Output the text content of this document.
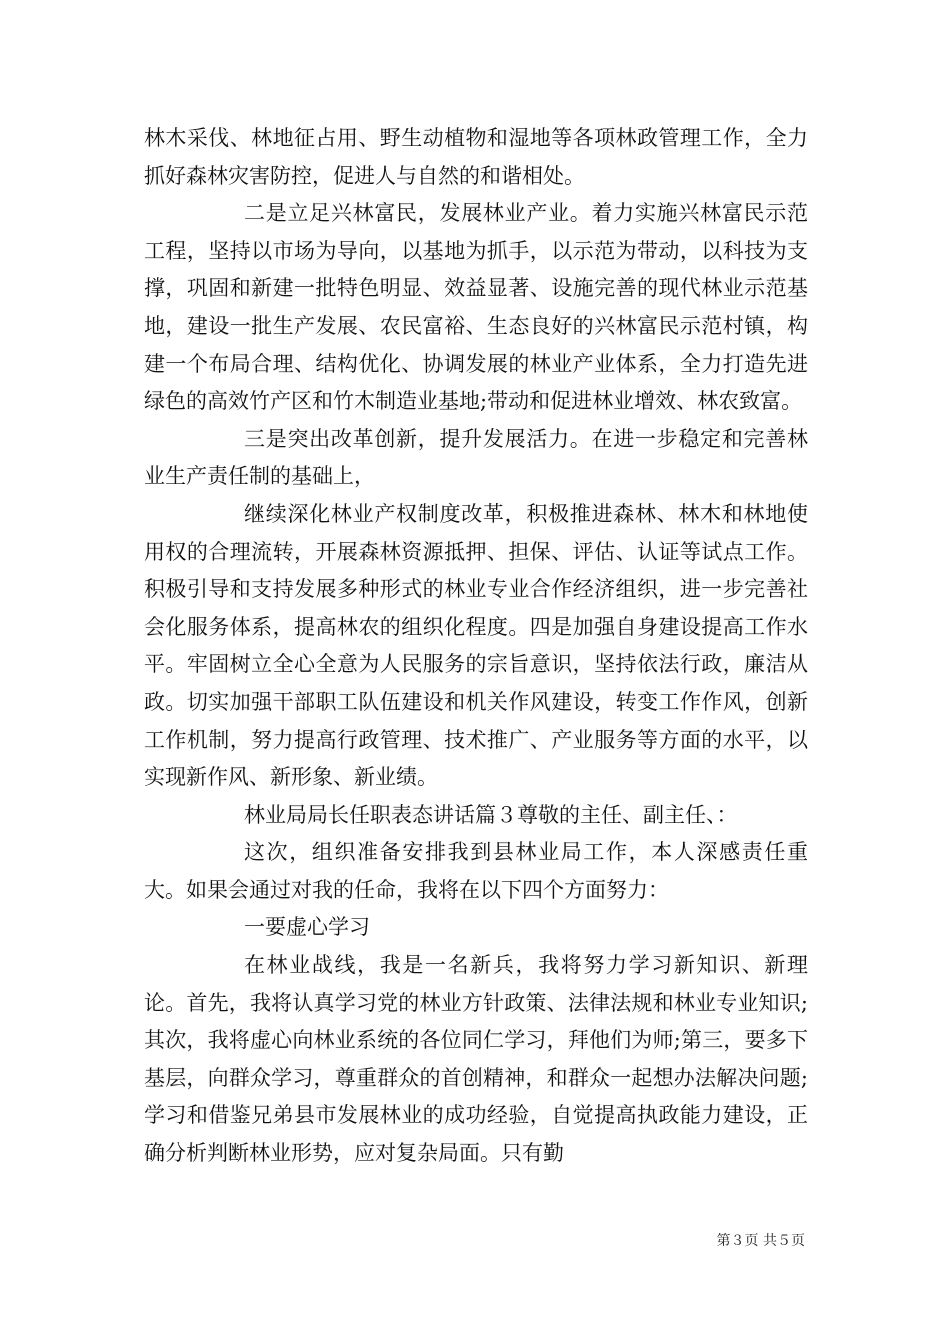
林木采伐、林地征占用、野生动植物和湿地等各项林政管理工作，全力抓好森林灾害防控，促进人与自然的和谐相处。

二是立足兴林富民，发展林业产业。着力实施兴林富民示范工程，坚持以市场为导向，以基地为抓手，以示范为带动，以科技为支撑，巩固和新建一批特色明显、效益显著、设施完善的现代林业示范基地，建设一批生产发展、农民富裕、生态良好的兴林富民示范村镇，构建一个布局合理、结构优化、协调发展的林业产业体系，全力打造先进绿色的高效竹产区和竹木制造业基地;带动和促进林业增效、林农致富。

三是突出改革创新，提升发展活力。在进一步稳定和完善林业生产责任制的基础上，

继续深化林业产权制度改革，积极推进森林、林木和林地使用权的合理流转，开展森林资源抵押、担保、评估、认证等试点工作。积极引导和支持发展多种形式的林业专业合作经济组织，进一步完善社会化服务体系，提高林农的组织化程度。四是加强自身建设提高工作水平。牢固树立全心全意为人民服务的宗旨意识，坚持依法行政，廉洁从政。切实加强干部职工队伍建设和机关作风建设，转变工作作风，创新工作机制，努力提高行政管理、技术推广、产业服务等方面的水平，以实现新作风、新形象、新业绩。

林业局局长任职表态讲话篇３尊敬的主任、副主任、：

这次，组织准备安排我到县林业局工作，本人深感责任重大。如果会通过对我的任命，我将在以下四个方面努力：

一要虚心学习

在林业战线，我是一名新兵，我将努力学习新知识、新理论。首先，我将认真学习党的林业方针政策、法律法规和林业专业知识;其次，我将虚心向林业系统的各位同仁学习，拜他们为师;第三，要多下基层，向群众学习，尊重群众的首创精神，和群众一起想办法解决问题;学习和借鉴兄弟县市发展林业的成功经验，自觉提高执政能力建设，正确分析判断林业形势，应对复杂局面。只有勤

第３页 共５页
